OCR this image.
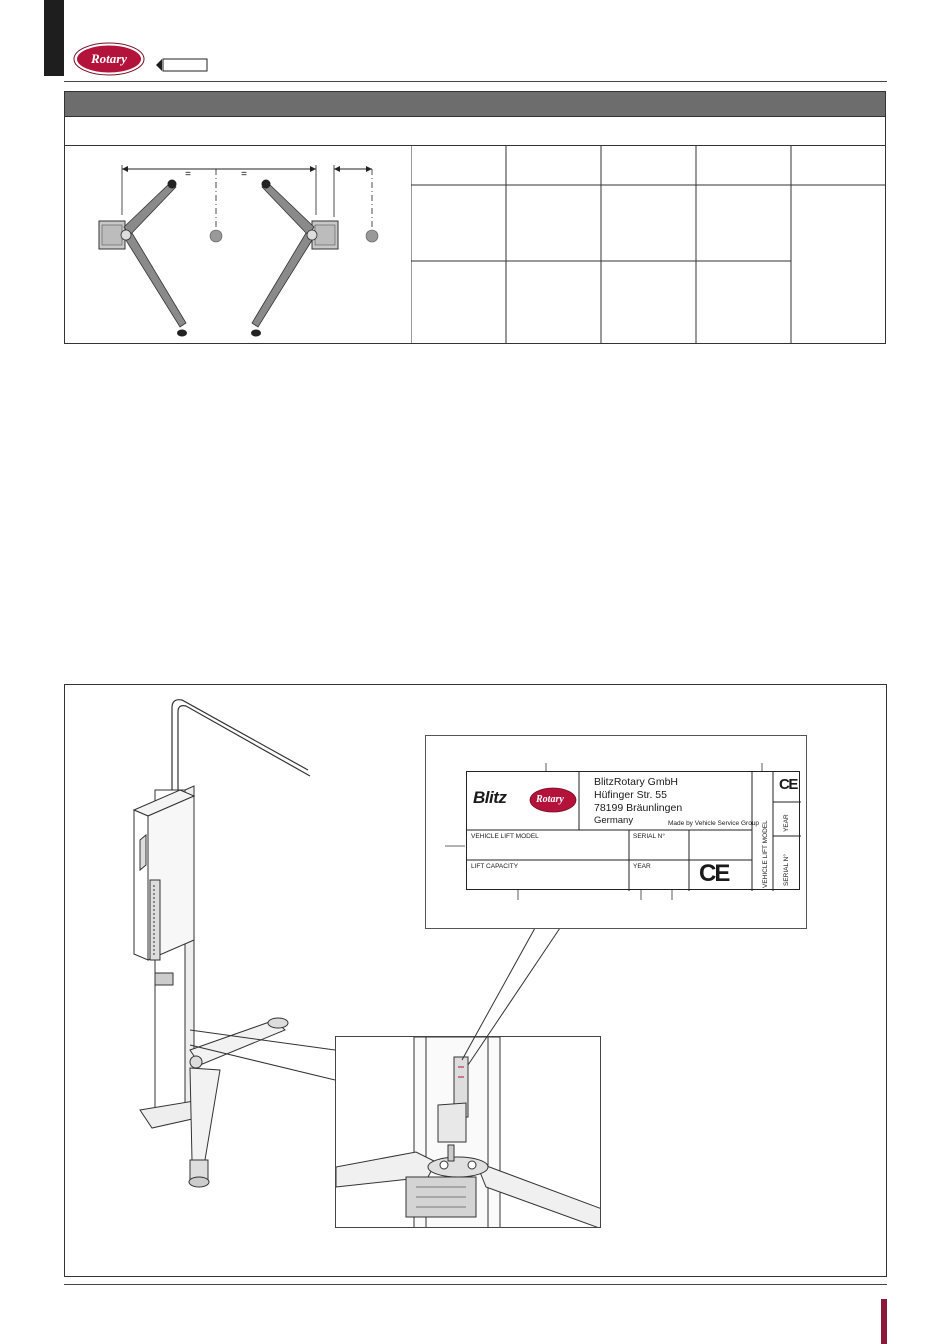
Rotary
=	=
Blitz	Rotary
BlitzRotary GmbH
Hüfinger Str. 55
78199 Bräunlingen
Germany	Made by Vehicle Service Group
VEHICLE LIFT MODEL	SERIAL N°
LIFT CAPACITY	YEAR CE
CE
VEHICLE LIFT MODEL YEAR
SERIAL N°
